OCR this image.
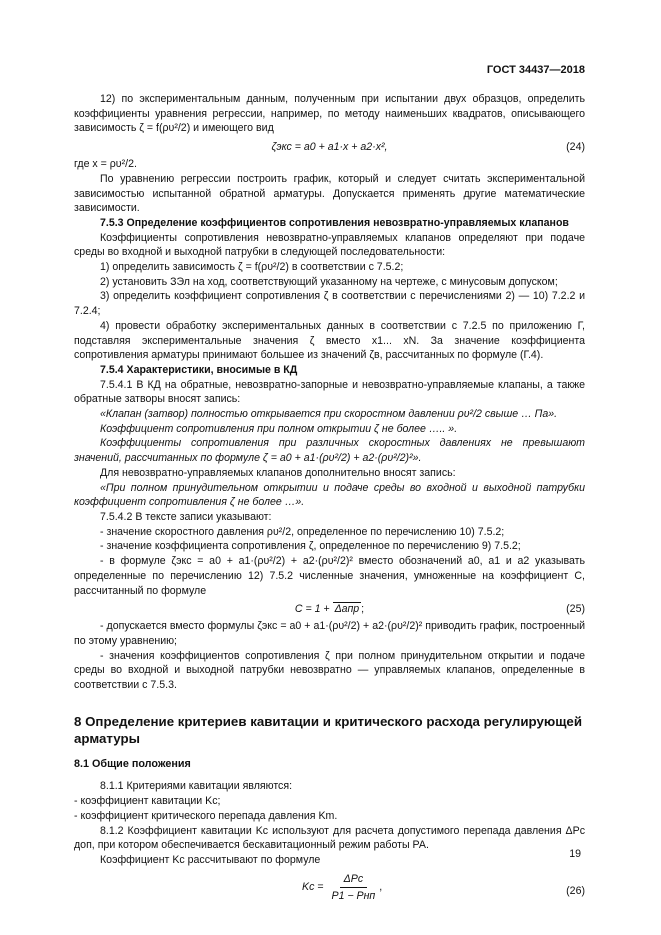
ГОСТ 34437—2018

12) по экспериментальным данным, полученным при испытании двух образцов, определить коэффициенты уравнения регрессии, например, по методу наименьших квадратов, описывающего зависимость ζ = f(ρυ²/2) и имеющего вид

ζэкс = a0 + a1·x + a2·x²,	(24)

где x = ρυ²/2.

По уравнению регрессии построить график, который и следует считать экспериментальной зависимостью испытанной обратной арматуры. Допускается применять другие математические зависимости.

7.5.3 Определение коэффициентов сопротивления невозвратно-управляемых клапанов

Коэффициенты сопротивления невозвратно-управляемых клапанов определяют при подаче среды во входной и выходной патрубки в следующей последовательности:

1) определить зависимость ζ = f(ρυ²/2) в соответствии с 7.5.2;

2) установить ЗЭл на ход, соответствующий указанному на чертеже, с минусовым допуском;

3) определить коэффициент сопротивления ζ в соответствии с перечислениями 2) — 10) 7.2.2 и 7.2.4;

4) провести обработку экспериментальных данных в соответствии с 7.2.5 по приложению Г, подставляя экспериментальные значения ζ вместо x1... xN. За значение коэффициента сопротивления арматуры принимают большее из значений ζв, рассчитанных по формуле (Г.4).

7.5.4 Характеристики, вносимые в КД

7.5.4.1 В КД на обратные, невозвратно-запорные и невозвратно-управляемые клапаны, а также обратные затворы вносят запись:

«Клапан (затвор) полностью открывается при скоростном давлении ρυ²/2 свыше … Па».

Коэффициент сопротивления при полном открытии ζ не более ….. ».

Коэффициенты сопротивления при различных скоростных давлениях не превышают значений, рассчитанных по формуле ζ = a0 + a1·(ρυ²/2) + a2·(ρυ²/2)²».

Для невозвратно-управляемых клапанов дополнительно вносят запись:

«При полном принудительном открытии и подаче среды во входной и выходной патрубки коэффициент сопротивления ζ не более …».

7.5.4.2 В тексте записи указывают:

- значение скоростного давления ρυ²/2, определенное по перечислению 10) 7.5.2;

- значение коэффициента сопротивления ζ, определенное по перечислению 9) 7.5.2;

- в формуле ζэкс = a0 + a1·(ρυ²/2) + a2·(ρυ²/2)² вместо обозначений a0, a1 и a2 указывать определенные по перечислению 12) 7.5.2 численные значения, умноженные на коэффициент С, рассчитанный по формуле

C = 1 + Δапр ;	(25)

- допускается вместо формулы ζэкс = a0 + a1·(ρυ²/2) + a2·(ρυ²/2)² приводить график, построенный по этому уравнению;

- значения коэффициентов сопротивления ζ при полном принудительном открытии и подаче среды во входной и выходной патрубки невозвратно — управляемых клапанов, определенные в соответствии с 7.5.3.

8 Определение критериев кавитации и критического расхода регулирующей арматуры
8.1 Общие положения

8.1.1 Критериями кавитации являются:

- коэффициент кавитации Kс;

- коэффициент критического перепада давления Km.

8.1.2 Коэффициент кавитации Kс используют для расчета допустимого перепада давления ΔPс доп, при котором обеспечивается бескавитационный режим работы РА.

Коэффициент Kс рассчитывают по формуле

Kс = $\frac{\text{ΔPс}}{\text{P1 − Pнп}}$ ,	(26)
19
